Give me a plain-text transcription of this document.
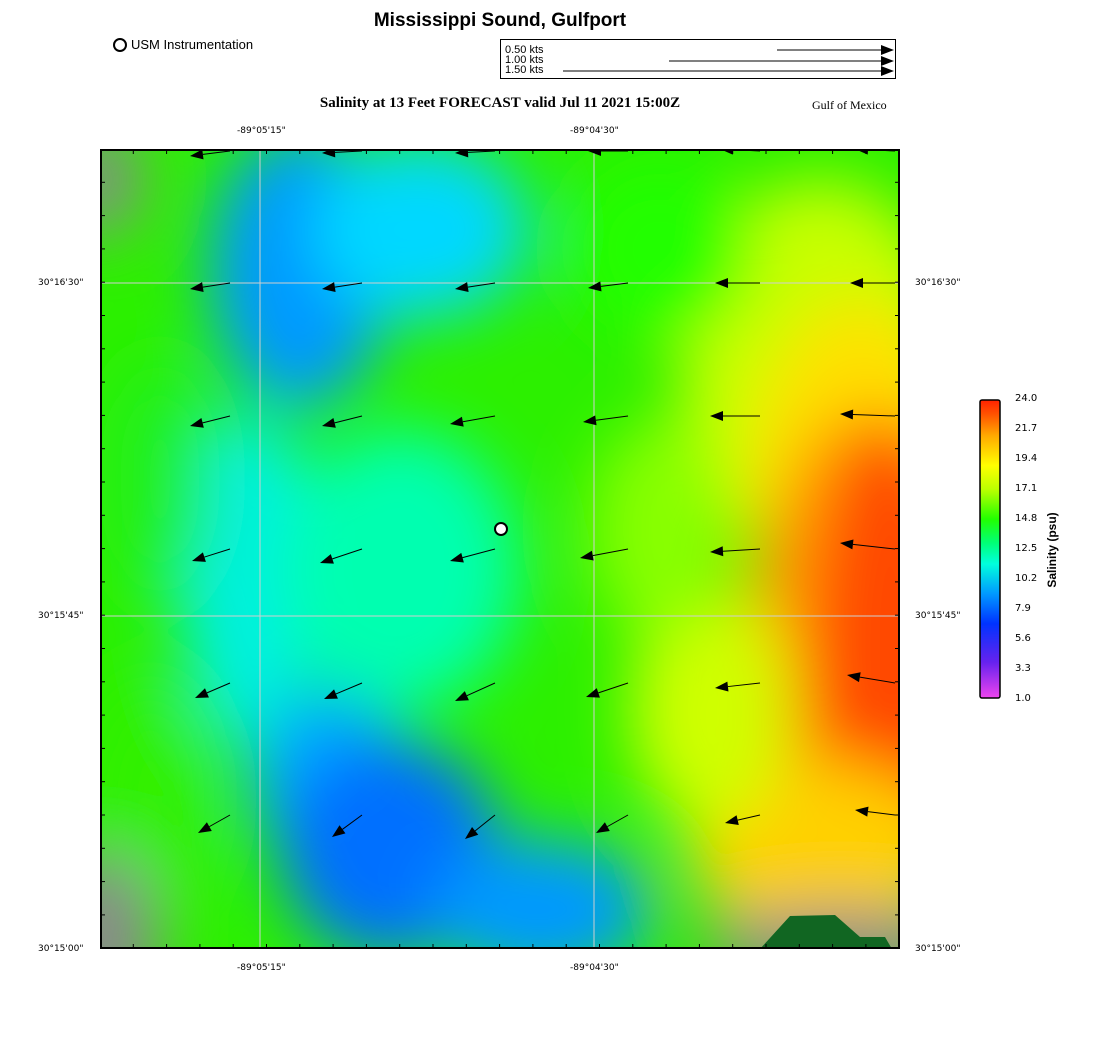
Mississippi Sound, Gulfport
USM Instrumentation	0.50 kts
1.00 kts
1.50 kts
Salinity at 13 Feet FORECAST valid Jul 11 2021 15:00Z	Gulf of Mexico
-89°05'15"	-89°04'30"
-89°05'15"	-89°04'30"
30°16'30"
30°15'45"
30°15'00"
30°16'30"
30°15'45"
30°15'00"
24.0
21.7
19.4
17.1
14.8
12.5
10.2
7.9
5.6
3.3
1.0
Salinity (psu)
